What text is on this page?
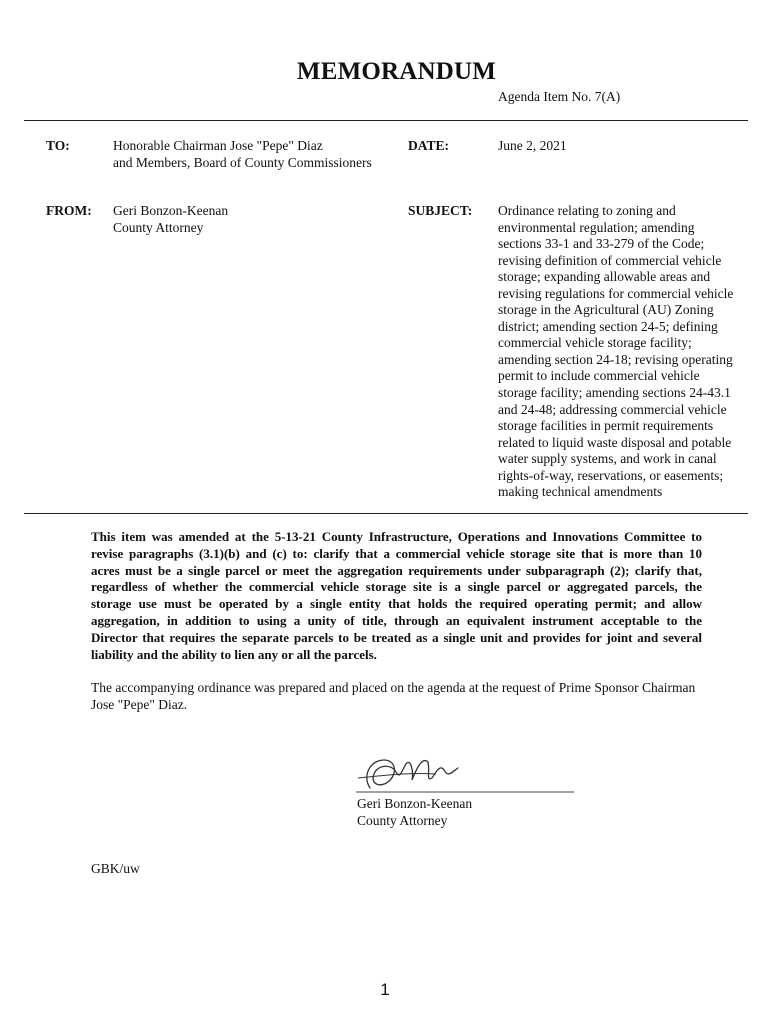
MEMORANDUM
Agenda Item No. 7(A)
TO:	Honorable Chairman Jose "Pepe" Diaz
and Members, Board of County Commissioners
DATE:	June 2, 2021
FROM: Geri Bonzon-Keenan
County Attorney
SUBJECT: Ordinance relating to zoning and
environmental regulation; amending
sections 33-1 and 33-279 of the Code;
revising definition of commercial vehicle
storage; expanding allowable areas and
revising regulations for commercial vehicle
storage in the Agricultural (AU) Zoning
district; amending section 24-5; defining
commercial vehicle storage facility;
amending section 24-18; revising operating
permit to include commercial vehicle
storage facility; amending sections 24-43.1
and 24-48; addressing commercial vehicle
storage facilities in permit requirements
related to liquid waste disposal and potable
water supply systems, and work in canal
rights-of-way, reservations, or easements;
making technical amendments
This item was amended at the 5-13-21 County Infrastructure, Operations and Innovations Committee to
revise paragraphs (3.1)(b) and (c) to: clarify that a commercial vehicle storage site that is more than 10
acres must be a single parcel or meet the aggregation requirements under subparagraph (2); clarify that,
regardless of whether the commercial vehicle storage site is a single parcel or aggregated parcels, the
storage use must be operated by a single entity that holds the required operating permit; and allow
aggregation, in addition to using a unity of title, through an equivalent instrument acceptable to the
Director that requires the separate parcels to be treated as a single unit and provides for joint and several
liability and the ability to lien any or all the parcels.
The accompanying ordinance was prepared and placed on the agenda at the request of Prime Sponsor Chairman
Jose "Pepe" Diaz.
Geri Bonzon-Keenan
County Attorney
GBK/uw
1
